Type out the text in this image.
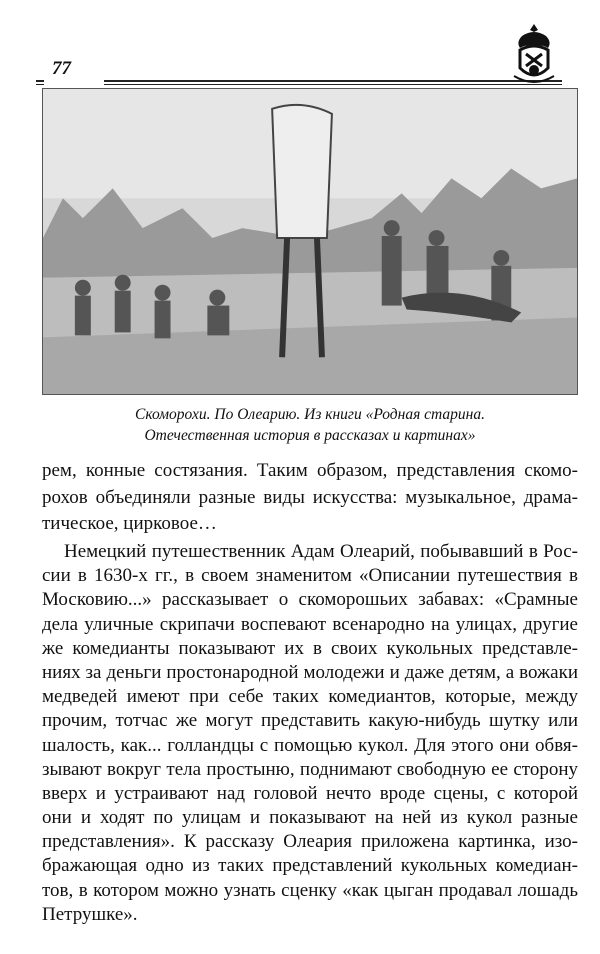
77
Скоморохи. По Олеарию. Из книги «Родная старина.
Отечественная история в рассказах и картинах»
рем, конные состязания. Таким образом, представления скомо-
рохов объединяли разные виды искусства: музыкальное, драма-
тическое, цирковое…
Немецкий путешественник Адам Олеарий, побывавший в Рос-
сии в 1630-х гг., в своем знаменитом «Описании путешествия в
Московию...» рассказывает о скоморошьих забавах: «Срамные
дела уличные скрипачи воспевают всенародно на улицах, другие
же комедианты показывают их в своих кукольных представле-
ниях за деньги простонародной молодежи и даже детям, а вожаки
медведей имеют при себе таких комедиантов, которые, между
прочим, тотчас же могут представить какую-нибудь шутку или
шалость, как... голландцы с помощью кукол. Для этого они обвя-
зывают вокруг тела простыню, поднимают свободную ее сторону
вверх и устраивают над головой нечто вроде сцены, с которой
они и ходят по улицам и показывают на ней из кукол разные
представления». К рассказу Олеария приложена картинка, изо-
бражающая одно из таких представлений кукольных комедиан-
тов, в котором можно узнать сценку «как цыган продавал лошадь
Петрушке».
